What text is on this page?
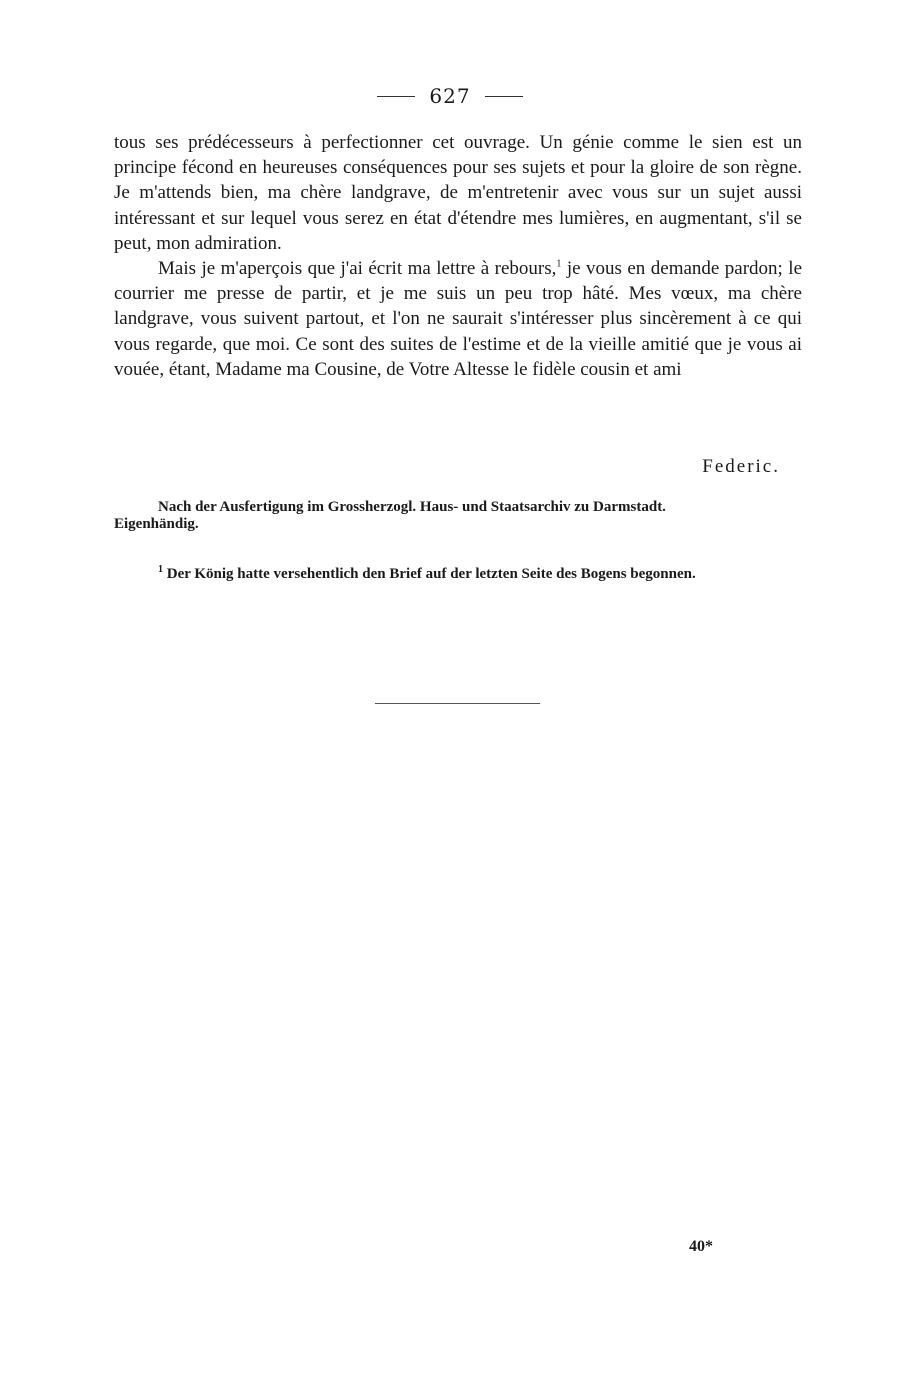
627

tous ses prédécesseurs à perfectionner cet ouvrage. Un génie comme le sien est un principe fécond en heureuses conséquences pour ses sujets et pour la gloire de son règne. Je m'attends bien, ma chère landgrave, de m'entretenir avec vous sur un sujet aussi intéressant et sur lequel vous serez en état d'étendre mes lumières, en augmentant, s'il se peut, mon admiration.

Mais je m'aperçois que j'ai écrit ma lettre à rebours,$^1$ je vous en demande pardon; le courrier me presse de partir, et je me suis un peu trop hâté. Mes vœux, ma chère landgrave, vous suivent partout, et l'on ne saurait s'intéresser plus sincèrement à ce qui vous regarde, que moi. Ce sont des suites de l'estime et de la vieille amitié que je vous ai vouée, étant, Madame ma Cousine, de Votre Altesse le fidèle cousin et ami

Federic.

Nach der Ausfertigung im Grossherzogl. Haus- und Staatsarchiv zu Darmstadt.

Eigenhändig.

$^1$ Der König hatte versehentlich den Brief auf der letzten Seite des Bogens begonnen.

40*
